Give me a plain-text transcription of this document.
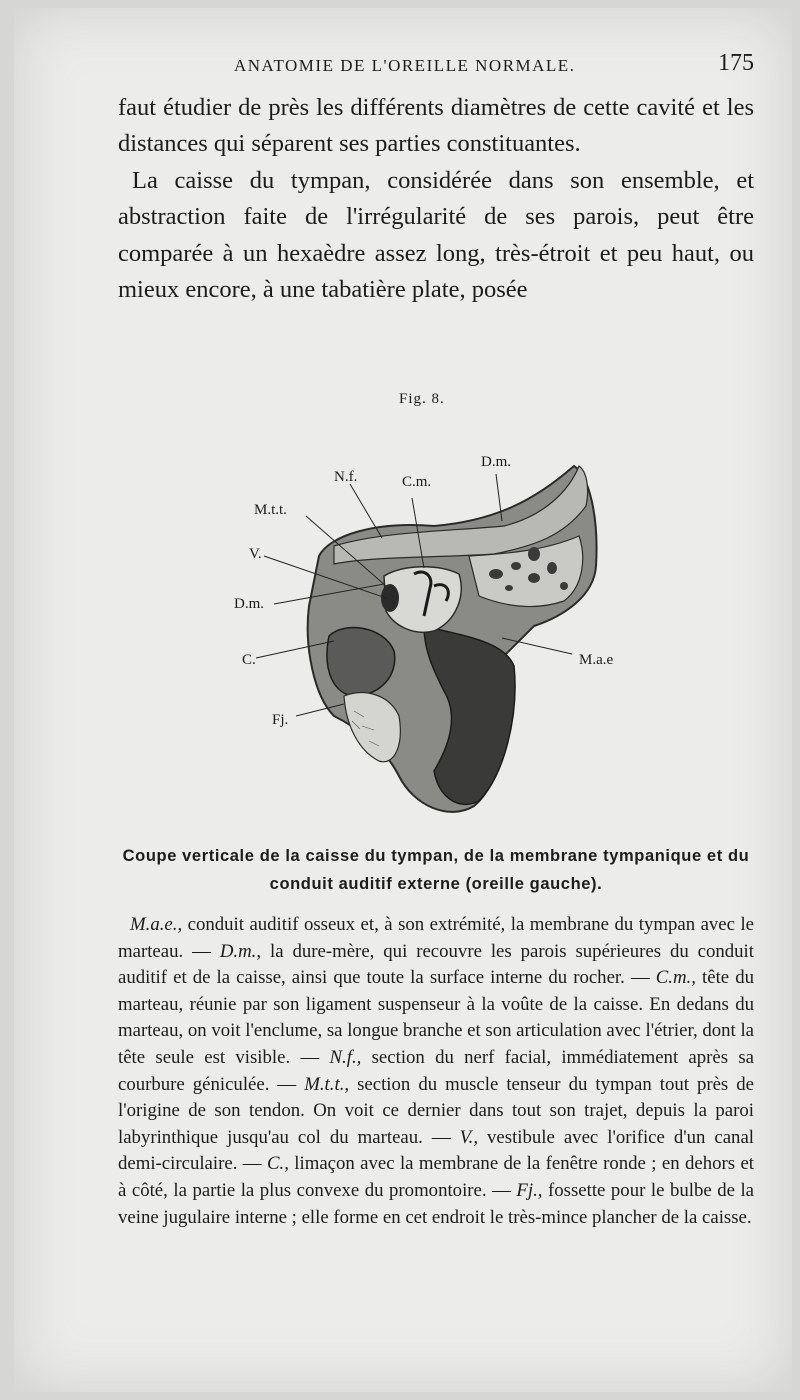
ANATOMIE DE L'OREILLE NORMALE.	175

faut étudier de près les différents diamètres de cette cavité et les distances qui séparent ses parties constituantes.

La caisse du tympan, considérée dans son ensemble, et abstraction faite de l'irrégularité de ses parois, peut être comparée à un hexaèdre assez long, très-étroit et peu haut, ou mieux encore, à une tabatière plate, posée

Fig. 8.
D.m.
N.f.	C.m.
M.t.t.
V.
D.m.
C.	M.a.e
Fj.
Coupe verticale de la caisse du tympan, de la membrane tympanique et du conduit auditif externe (oreille gauche).

M.a.e., conduit auditif osseux et, à son extrémité, la membrane du tympan avec le marteau. — D.m., la dure-mère, qui recouvre les parois supérieures du conduit auditif et de la caisse, ainsi que toute la surface interne du rocher. — C.m., tête du marteau, réunie par son ligament suspenseur à la voûte de la caisse. En dedans du marteau, on voit l'enclume, sa longue branche et son articulation avec l'étrier, dont la tête seule est visible. — N.f., section du nerf facial, immédiatement après sa courbure géniculée. — M.t.t., section du muscle tenseur du tympan tout près de l'origine de son tendon. On voit ce dernier dans tout son trajet, depuis la paroi labyrinthique jusqu'au col du marteau. — V., vestibule avec l'orifice d'un canal demi-circulaire. — C., limaçon avec la membrane de la fenêtre ronde ; en dehors et à côté, la partie la plus convexe du promontoire. — Fj., fossette pour le bulbe de la veine jugulaire interne ; elle forme en cet endroit le très-mince plancher de la caisse.
